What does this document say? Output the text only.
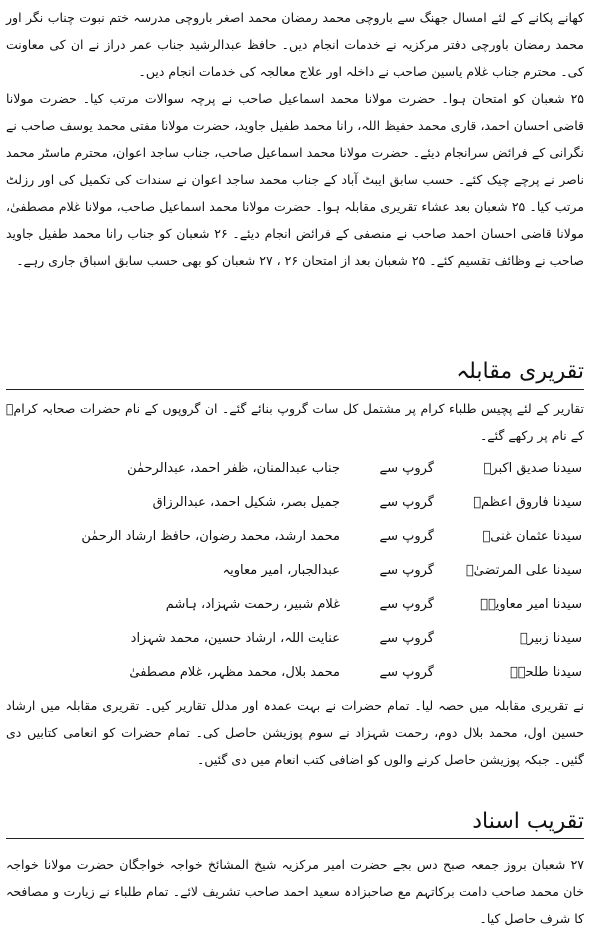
کھانے پکانے کے لئے امسال جھنگ سے باروچی محمد رمضان محمد اصغر باروچی مدرسہ ختم نبوت چناب نگر اور محمد رمضان باورچی دفتر مرکزیہ نے خدمات انجام دیں۔ حافظ عبدالرشید جناب عمر دراز نے ان کی معاونت کی۔ محترم جناب غلام یاسین صاحب نے داخلہ اور علاج معالجہ کی خدمات انجام دیں۔

۲۵ شعبان کو امتحان ہوا۔ حضرت مولانا محمد اسماعیل صاحب نے پرچہ سوالات مرتب کیا۔ حضرت مولانا قاضی احسان احمد، قاری محمد حفیظ اللہ، رانا محمد طفیل جاوید، حضرت مولانا مفتی محمد یوسف صاحب نے نگرانی کے فرائض سرانجام دیئے۔ حضرت مولانا محمد اسماعیل صاحب، جناب ساجد اعوان، محترم ماسٹر محمد ناصر نے پرچے چیک کئے۔ حسب سابق ایبٹ آباد کے جناب محمد ساجد اعوان نے سندات کی تکمیل کی اور رزلٹ مرتب کیا۔ ۲۵ شعبان بعد عشاء تقریری مقابلہ ہوا۔ حضرت مولانا محمد اسماعیل صاحب، مولانا غلام مصطفیٰ، مولانا قاضی احسان احمد صاحب نے منصفی کے فرائض انجام دیئے۔ ۲۶ شعبان کو جناب رانا محمد طفیل جاوید صاحب نے وظائف تقسیم کئے۔ ۲۵ شعبان بعد از امتحان ۲۶ ، ۲۷ شعبان کو بھی حسب سابق اسباق جاری رہے۔

تقریری مقابلہ

تقاریر کے لئے پچیس طلباء کرام پر مشتمل کل سات گروپ بنائے گئے۔ ان گروپوں کے نام حضرات صحابہ کرامؓ کے نام پر رکھے گئے۔

سیدنا صدیق اکبرؓ
گروپ سے
جناب عبدالمنان، ظفر احمد، عبدالرحمٰن
سیدنا فاروق اعظمؓ
گروپ سے
جمیل بصر، شکیل احمد، عبدالرزاق
سیدنا عثمان غنیؓ
گروپ سے
محمد ارشد، محمد رضوان، حافظ ارشاد الرحمٰن
سیدنا علی المرتضیٰؓ
گروپ سے
عبدالجبار، امیر معاویہ
سیدنا امیر معاویہؓ
گروپ سے
غلام شبیر، رحمت شہزاد، ہاشم
سیدنا زبیرؓ
گروپ سے
عنایت اللہ، ارشاد حسین، محمد شہزاد
سیدنا طلحہؓ
گروپ سے
محمد بلال، محمد مظہر، غلام مصطفیٰ

نے تقریری مقابلہ میں حصہ لیا۔ تمام حضرات نے بہت عمدہ اور مدلل تقاریر کیں۔ تقریری مقابلہ میں ارشاد حسین اول، محمد بلال دوم، رحمت شہزاد نے سوم پوزیشن حاصل کی۔ تمام حضرات کو انعامی کتابیں دی گئیں۔ جبکہ پوزیشن حاصل کرنے والوں کو اضافی کتب انعام میں دی گئیں۔

تقریب اسناد

۲۷ شعبان بروز جمعہ صبح دس بجے حضرت امیر مرکزیہ شیخ المشائخ خواجہ خواجگان حضرت مولانا خواجہ خان محمد صاحب دامت برکاتہم مع صاحبزادہ سعید احمد صاحب تشریف لائے۔ تمام طلباء نے زیارت و مصافحہ کا شرف حاصل کیا۔
